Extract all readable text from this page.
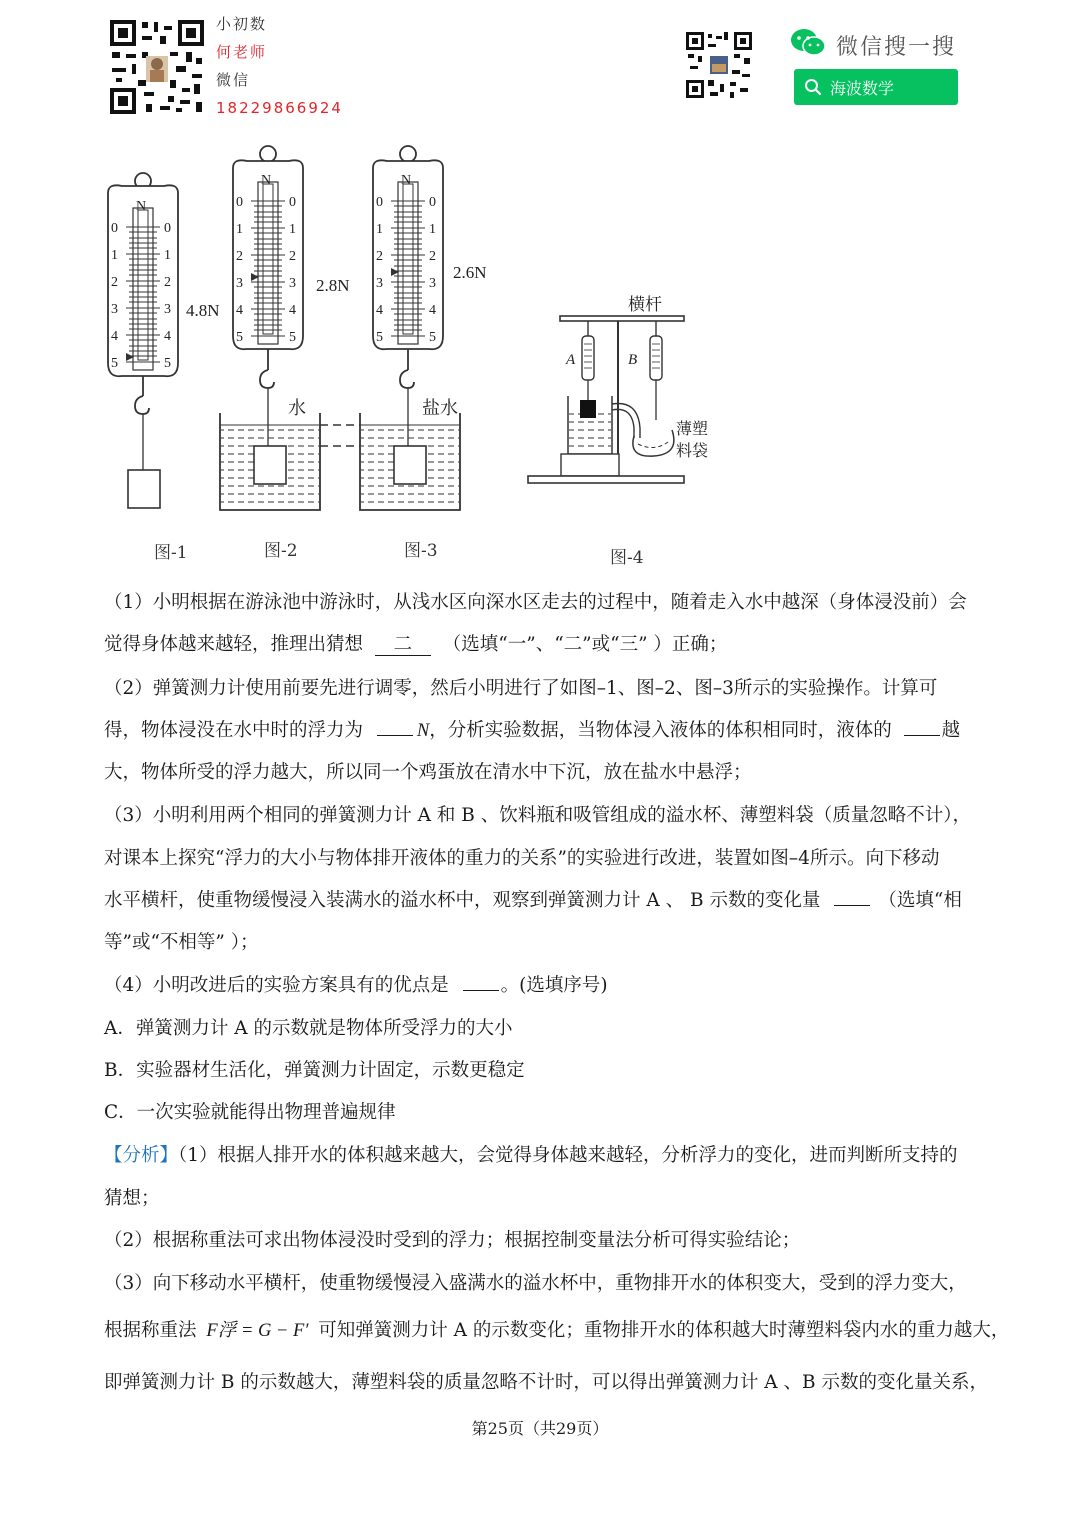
小初数
何老师
微信
18229866924
微信搜一搜
海波数学
N
0
1
2
3
4
5
0
1
2
3
4
5
4.8N
图-1
N
0
1
2
3
4
5
0
1
2
3
4
5
水
2.8N
图-2
N
0
1
2
3
4
5
0
1
2
3
4
5
盐水
2.6N
图-3
横杆
A	B
薄塑 料袋
图-4
（1）小明根据在游泳池中游泳时，从浅水区向深水区走去的过程中，随着走入水中越深（身体浸没前）会
觉得身体越来越轻，推理出猜想 二 （选填“一”、“二”或“三” ）正确；
（2）弹簧测力计使用前要先进行调零，然后小明进行了如图–1、图–2、图–3所示的实验操作。计算可
得，物体浸没在水中时的浮力为	N，分析实验数据，当物体浸入液体的体积相同时，液体的	越
大，物体所受的浮力越大，所以同一个鸡蛋放在清水中下沉，放在盐水中悬浮；
（3）小明利用两个相同的弹簧测力计 A 和 B 、饮料瓶和吸管组成的溢水杯、薄塑料袋（质量忽略不计），
对课本上探究“浮力的大小与物体排开液体的重力的关系”的实验进行改进，装置如图–4所示。向下移动
水平横杆，使重物缓慢浸入装满水的溢水杯中，观察到弹簧测力计 A 、 B 示数的变化量	（选填“相
等”或“不相等” ）；
（4）小明改进后的实验方案具有的优点是	。(选填序号)
A．弹簧测力计 A 的示数就是物体所受浮力的大小
B．实验器材生活化，弹簧测力计固定，示数更稳定
C．一次实验就能得出物理普遍规律
【分析】（1）根据人排开水的体积越来越大，会觉得身体越来越轻，分析浮力的变化，进而判断所支持的
猜想；
（2）根据称重法可求出物体浸没时受到的浮力；根据控制变量法分析可得实验结论；
（3）向下移动水平横杆，使重物缓慢浸入盛满水的溢水杯中，重物排开水的体积变大，受到的浮力变大，
根据称重法 F浮 = G − F′ 可知弹簧测力计 A 的示数变化；重物排开水的体积越大时薄塑料袋内水的重力越大，
即弹簧测力计 B 的示数越大，薄塑料袋的质量忽略不计时，可以得出弹簧测力计 A 、B 示数的变化量关系，
第25页（共29页）
